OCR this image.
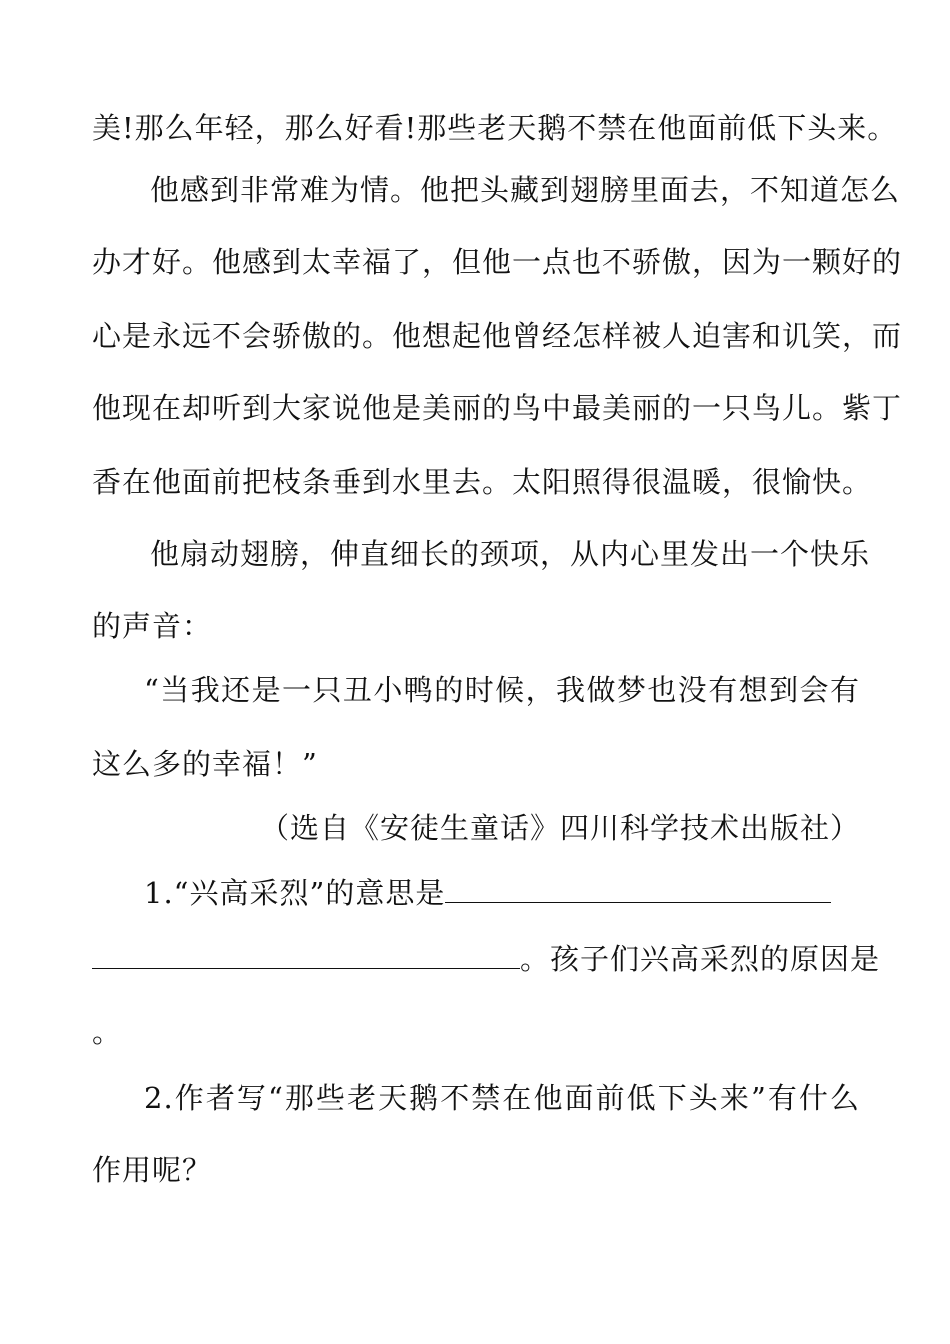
美!那么年轻，那么好看!那些老天鹅不禁在他面前低下头来。
他感到非常难为情。他把头藏到翅膀里面去，不知道怎么
办才好。他感到太幸福了，但他一点也不骄傲，因为一颗好的
心是永远不会骄傲的。他想起他曾经怎样被人迫害和讥笑，而
他现在却听到大家说他是美丽的鸟中最美丽的一只鸟儿。紫丁
香在他面前把枝条垂到水里去。太阳照得很温暖，很愉快。
他扇动翅膀，伸直细长的颈项，从内心里发出一个快乐
的声音：
“当我还是一只丑小鸭的时候，我做梦也没有想到会有
这么多的幸福！”
（选自《安徒生童话》四川科学技术出版社）
1.“兴高采烈”的意思是
。孩子们兴高采烈的原因是
。
2.作者写“那些老天鹅不禁在他面前低下头来”有什么
作用呢？
